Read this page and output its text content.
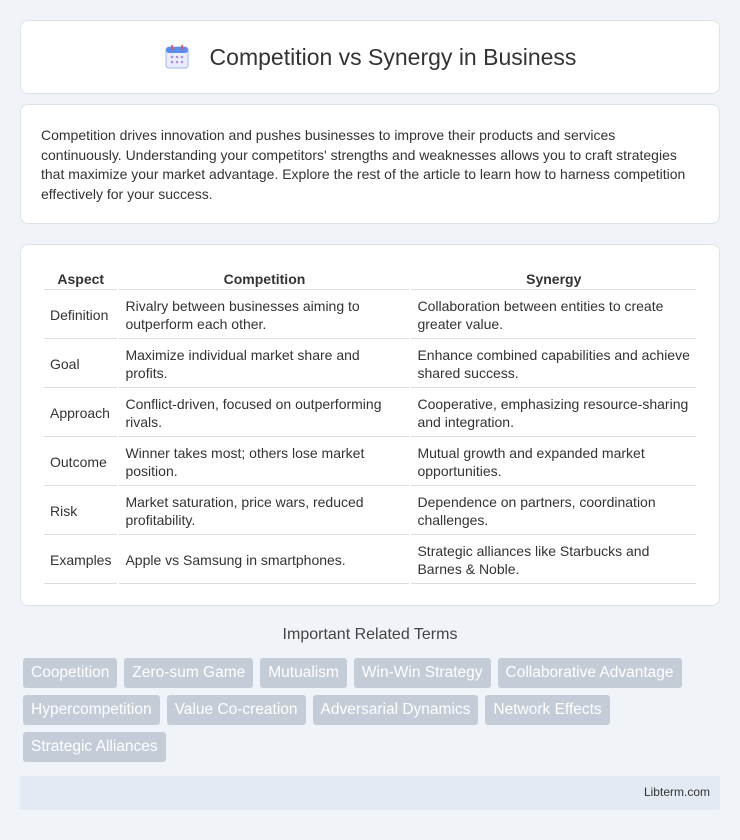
Competition vs Synergy in Business

Competition drives innovation and pushes businesses to improve their products and services continuously. Understanding your competitors' strengths and weaknesses allows you to craft strategies that maximize your market advantage. Explore the rest of the article to learn how to harness competition effectively for your success.

Aspect	Competition	Synergy
Definition	Rivalry between businesses aiming to outperform each other.	Collaboration between entities to create greater value.
Goal	Maximize individual market share and profits.	Enhance combined capabilities and achieve shared success.
Approach	Conflict-driven, focused on outperforming rivals.	Cooperative, emphasizing resource-sharing and integration.
Outcome	Winner takes most; others lose market position.	Mutual growth and expanded market opportunities.
Risk	Market saturation, price wars, reduced profitability.	Dependence on partners, coordination challenges.
Examples	Apple vs Samsung in smartphones.	Strategic alliances like Starbucks and Barnes & Noble.
Important Related Terms
Coopetition	Zero-sum Game	Mutualism	Win-Win Strategy	Collaborative Advantage
Hypercompetition	Value Co-creation	Adversarial Dynamics	Network Effects
Strategic Alliances
Libterm.com
